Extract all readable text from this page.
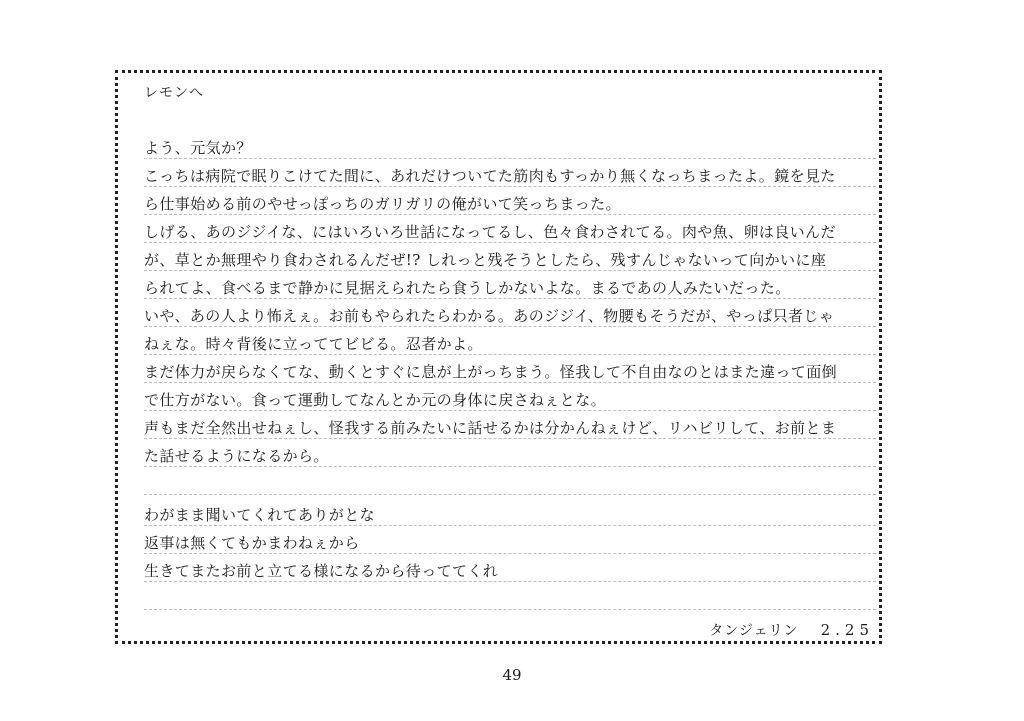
レモンへ
よう、元気か？
こっちは病院で眠りこけてた間に、あれだけついてた筋肉もすっかり無くなっちまったよ。鏡を見た
ら仕事始める前のやせっぽっちのガリガリの俺がいて笑っちまった。
しげる、あのジジイな、にはいろいろ世話になってるし、色々食わされてる。肉や魚、卵は良いんだ
が、草とか無理やり食わされるんだぜ!? しれっと残そうとしたら、残すんじゃないって向かいに座
られてよ、食べるまで静かに見据えられたら食うしかないよな。まるであの人みたいだった。
いや、あの人より怖えぇ。お前もやられたらわかる。あのジジイ、物腰もそうだが、やっぱ只者じゃ
ねぇな。時々背後に立っててビビる。忍者かよ。
まだ体力が戻らなくてな、動くとすぐに息が上がっちまう。怪我して不自由なのとはまた違って面倒
で仕方がない。食って運動してなんとか元の身体に戻さねぇとな。
声もまだ全然出せねぇし、怪我する前みたいに話せるかは分かんねぇけど、リハビリして、お前とま
た話せるようになるから。
わがまま聞いてくれてありがとな
返事は無くてもかまわねぇから
生きてまたお前と立てる様になるから待っててくれ
タンジェリン 2.25
49
